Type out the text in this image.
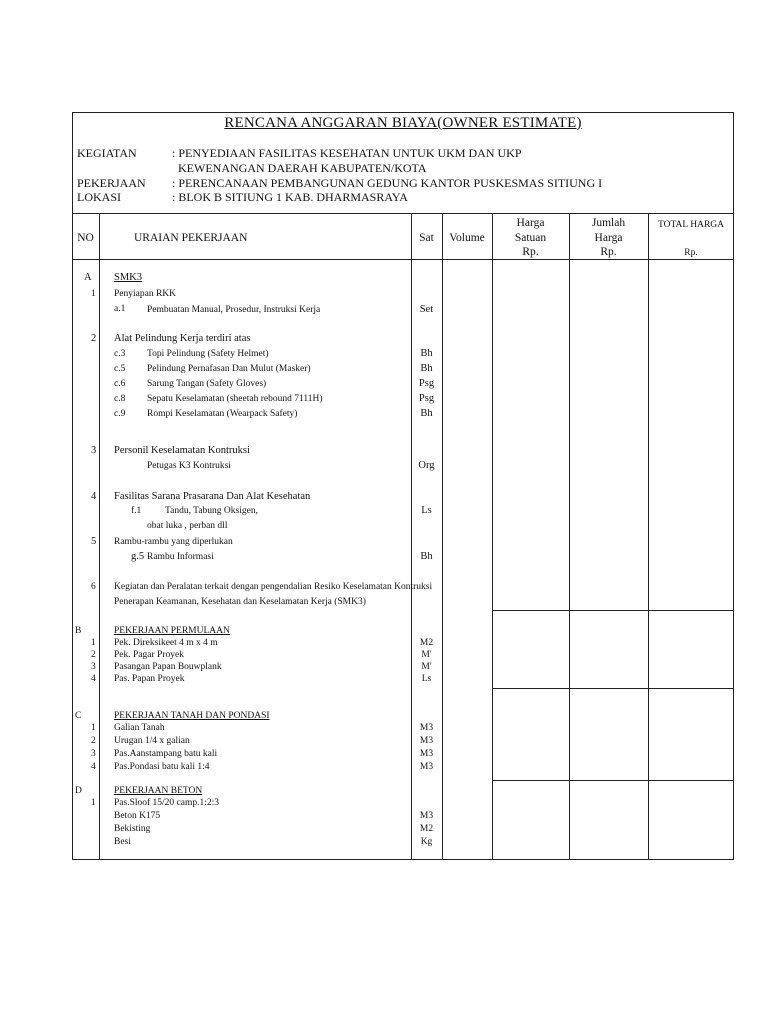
RENCANA ANGGARAN BIAYA(OWNER ESTIMATE)
KEGIATAN	: PENYEDIAAN FASILITAS KESEHATAN UNTUK UKM DAN UKP
KEWENANGAN DAERAH KABUPATEN/KOTA
PEKERJAAN : PERENCANAAN PEMBANGUNAN GEDUNG KANTOR PUSKESMAS SITIUNG I
LOKASI	: BLOK B SITIUNG 1 KAB. DHARMASRAYA
NO	URAIAN PEKERJAAN	Sat	Volume
Harga
Satuan
Rp.
Jumlah
Harga
Rp.
TOTAL HARGA
Rp.
A SMK3
1 Penyiapan RKK
a.1 Pembuatan Manual, Prosedur, Instruksi Kerja	Set
2 Alat Pelindung Kerja terdiri atas
c.3 Topi Pelindung (Safety Helmet)	Bh
c.5 Pelindung Pernafasan Dan Mulut (Masker)	Bh
c.6 Sarung Tangan (Safety Gloves)	Psg
c.8 Sepatu Keselamatan (sheetah rebound 7111H)	Psg
c.9 Rompi Keselamatan (Wearpack Safety)	Bh
3 Personil Keselamatan Kontruksi
Petugas K3 Kontruksi	Org
4 Fasilitas Sarana Prasarana Dan Alat Kesehatan
f.1 Tandu, Tabung Oksigen,	Ls
obat luka , perban dll
5 Rambu-rambu yang diperlukan
g.5 Rambu Informasi	Bh
6 Kegiatan dan Peralatan terkait dengan pengendalian Resiko Keselamatan Kontruksi
Penerapan Keamanan, Kesehatan dan Keselamatan Kerja (SMK3)
B	PEKERJAAN PERMULAAN
1 Pek. Direksikeet 4 m x 4 m	M2
2 Pek. Pagar Proyek	M'
3 Pasangan Papan Bouwplank	M'
4 Pas. Papan Proyek	Ls
C	PEKERJAAN TANAH DAN PONDASI
1 Galian Tanah	M3
2 Urugan 1/4 x galian	M3
3 Pas.Aanstampang batu kali	M3
4 Pas.Pondasi batu kali 1:4	M3
D	PEKERJAAN BETON
1 Pas.Sloof 15/20 camp.1:2:3
Beton K175	M3
Bekisting	M2
Besi	Kg
